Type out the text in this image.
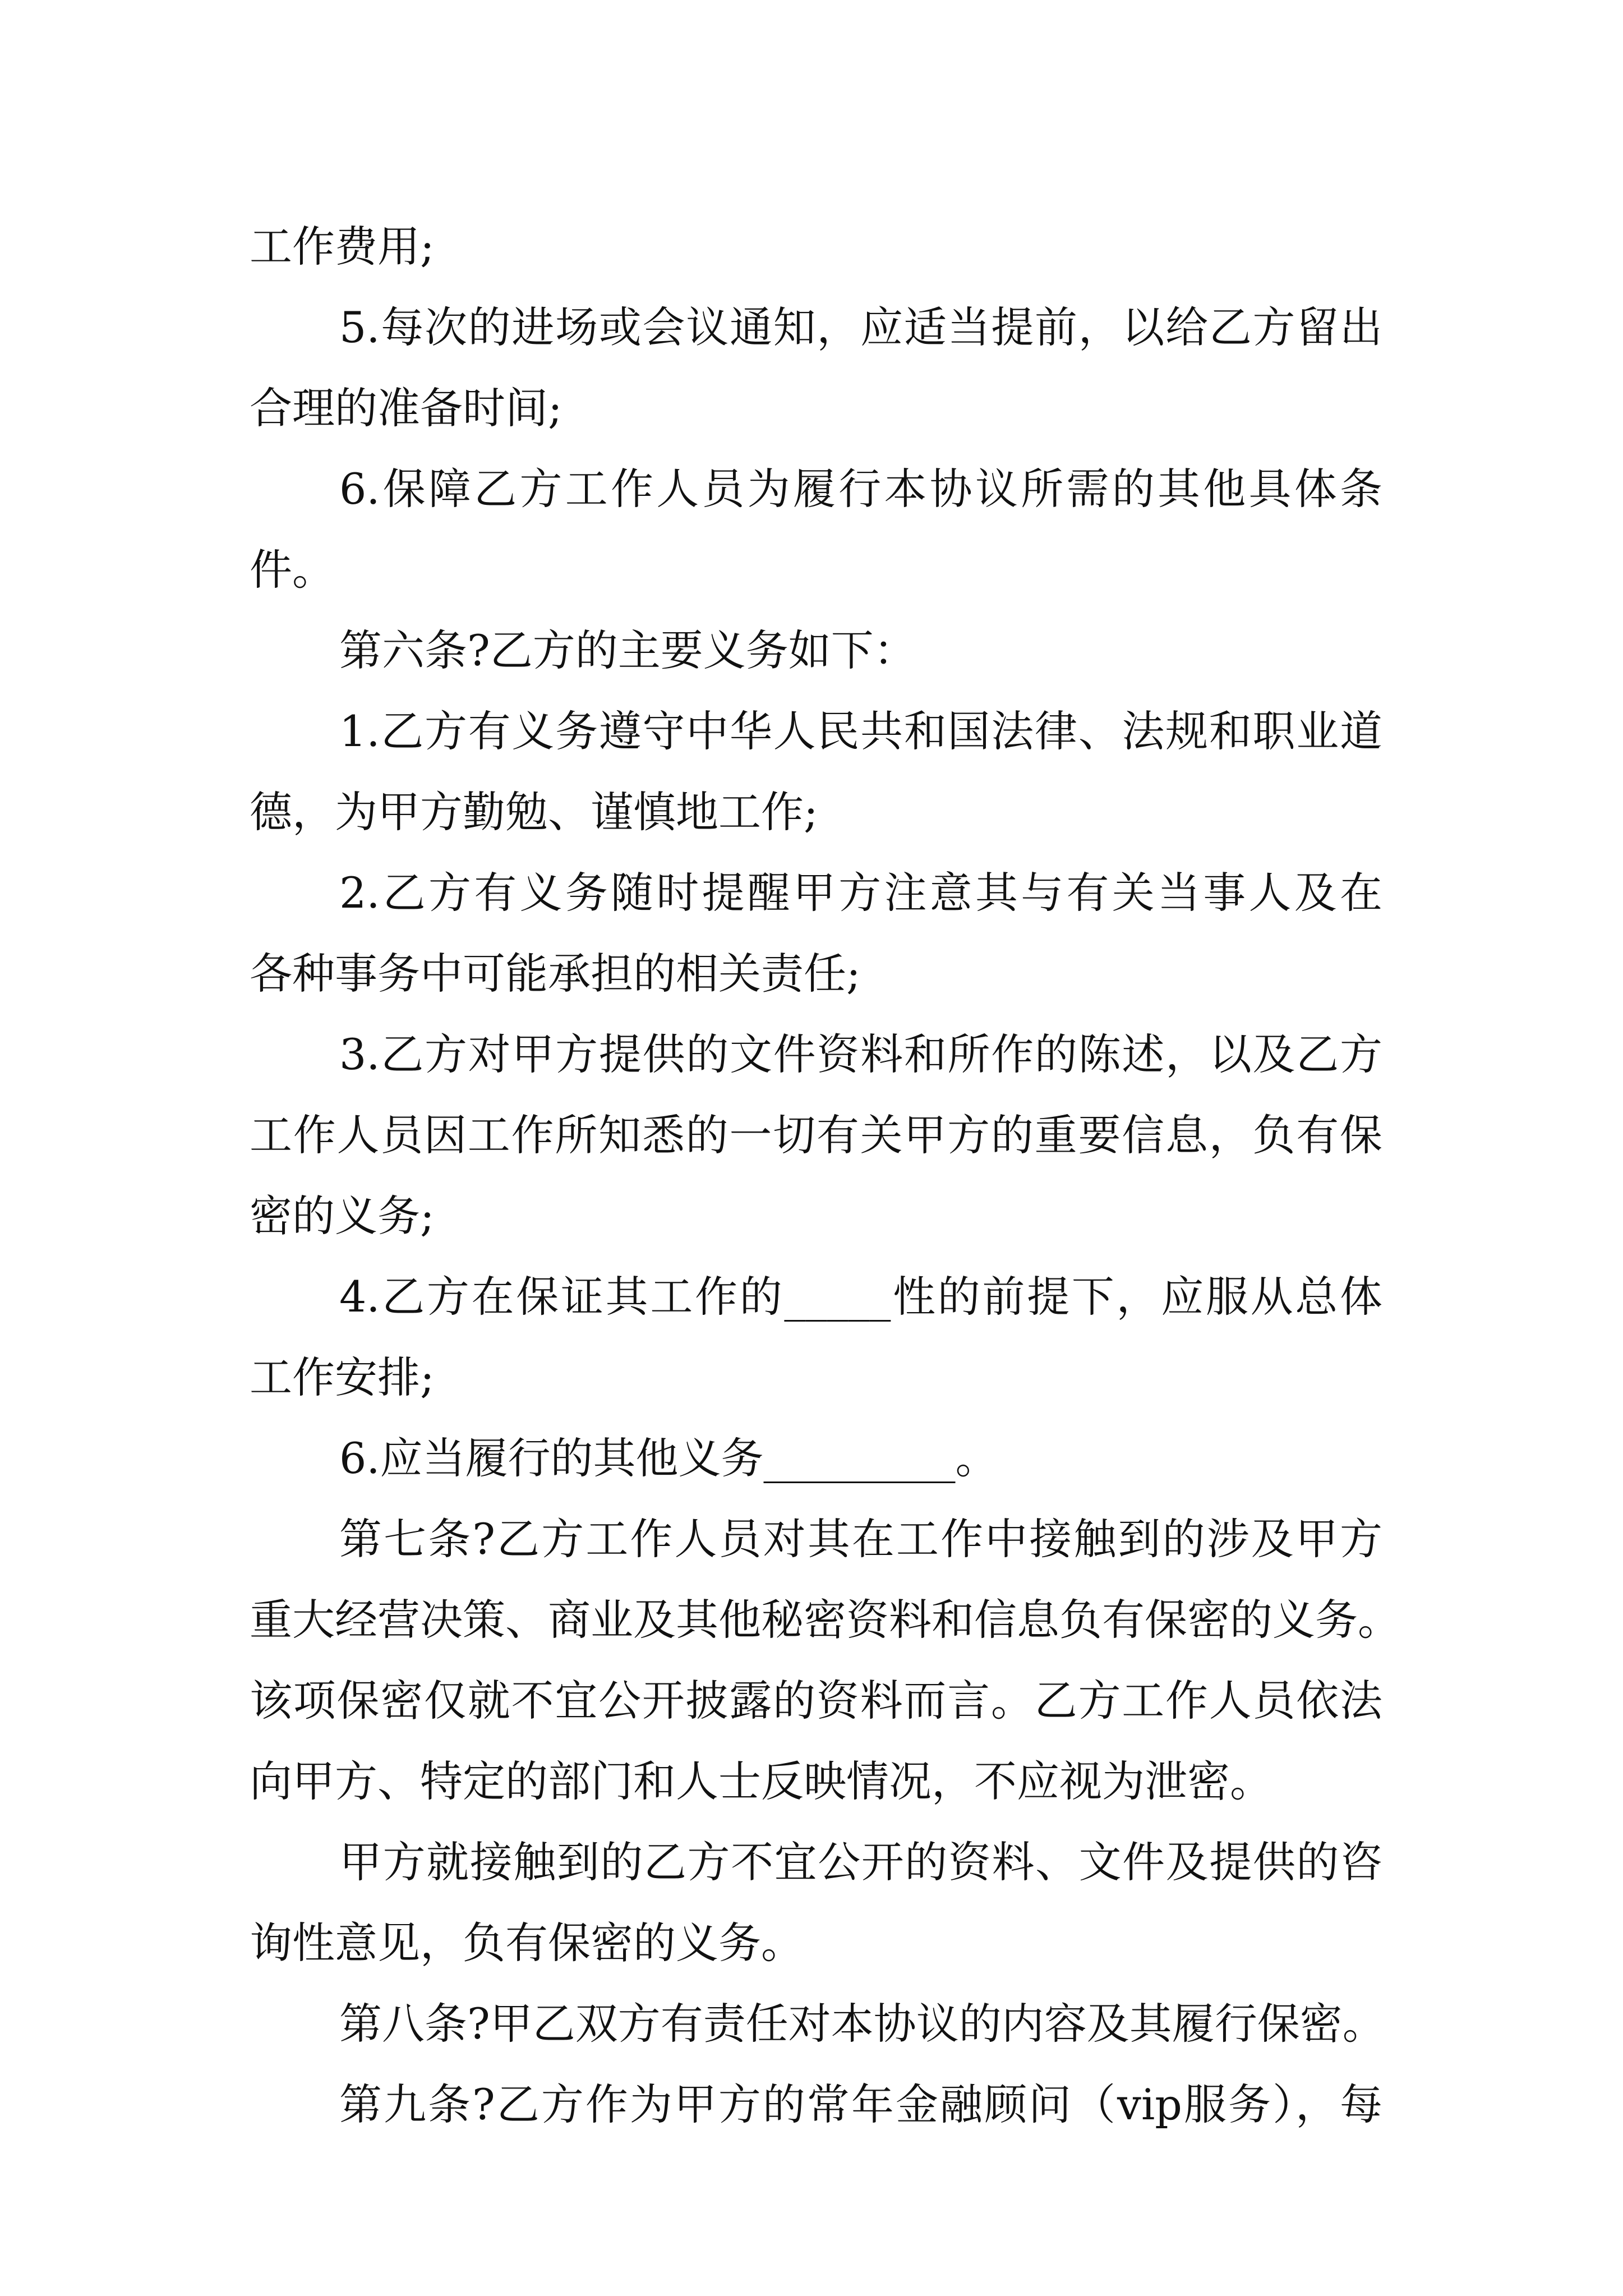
工作费用;
5.每次的进场或会议通知，应适当提前，以给乙方留出
合理的准备时间;
6.保障乙方工作人员为履行本协议所需的其他具体条
件。
第六条?乙方的主要义务如下：
1.乙方有义务遵守中华人民共和国法律、法规和职业道
德，为甲方勤勉、谨慎地工作;
2.乙方有义务随时提醒甲方注意其与有关当事人及在
各种事务中可能承担的相关责任;
3.乙方对甲方提供的文件资料和所作的陈述，以及乙方
工作人员因工作所知悉的一切有关甲方的重要信息，负有保
密的义务;
4.乙方在保证其工作的_____性的前提下，应服从总体
工作安排;
6.应当履行的其他义务_________。
第七条?乙方工作人员对其在工作中接触到的涉及甲方
重大经营决策、商业及其他秘密资料和信息负有保密的义务。
该项保密仅就不宜公开披露的资料而言。乙方工作人员依法
向甲方、特定的部门和人士反映情况，不应视为泄密。
甲方就接触到的乙方不宜公开的资料、文件及提供的咨
询性意见，负有保密的义务。
第八条?甲乙双方有责任对本协议的内容及其履行保密。
第九条?乙方作为甲方的常年金融顾问（vip服务），每
